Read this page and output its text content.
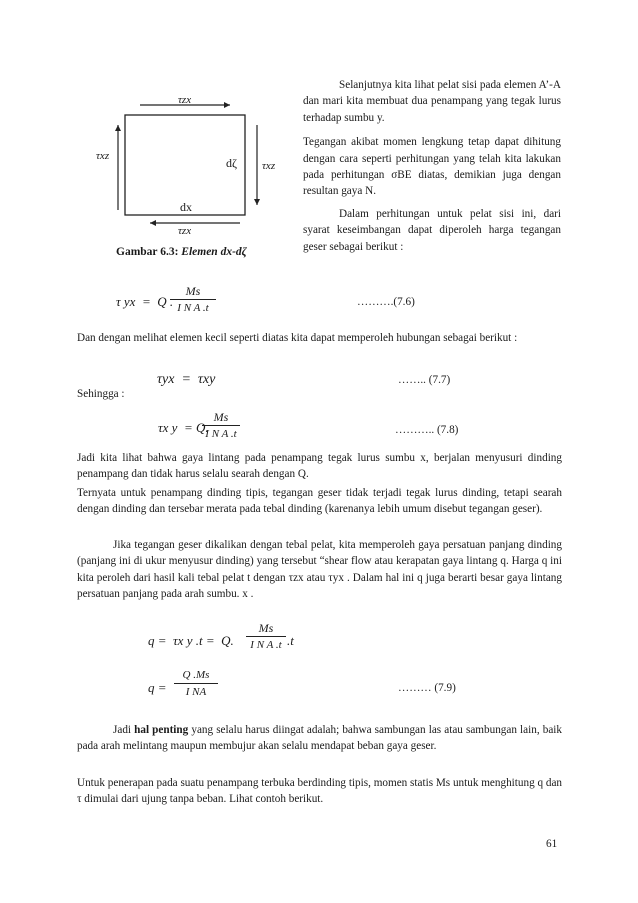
τzx
τxz
τxz
dζ
dx
τzx
Gambar 6.3: Elemen dx-dζ

Selanjutnya kita lihat pelat sisi pada elemen A’-A dan mari kita membuat dua penampang yang tegak lurus terhadap sumbu y.

Tegangan akibat momen lengkung tetap dapat dihitung dengan cara seperti perhitungan yang telah kita lakukan pada perhitungan σBE diatas, demikian juga dengan resultan gaya N.

Dalam perhitungan untuk pelat sisi ini, dari syarat keseimbangan dapat diperoleh harga tegangan geser sebagai berikut :

τ yx  =  Q .
Ms
I N A .t	……….(7.6)

Dan dengan melihat elemen kecil seperti diatas kita dapat memperoleh hubungan sebagai berikut :

τyx  =  τxy	…….. (7.7)
Sehingga :
τx y  = Q.
Ms
I N A .t	……….. (7.8)

Jadi kita lihat bahwa gaya lintang pada penampang tegak lurus sumbu x, berjalan menyusuri dinding penampang dan tidak harus selalu searah dengan Q.

Ternyata untuk penampang dinding tipis, tegangan geser tidak terjadi tegak lurus dinding, tetapi searah dengan dinding dan tersebar merata pada tebal dinding (karenanya lebih umum disebut tegangan geser).

Jika tegangan geser dikalikan dengan tebal pelat, kita memperoleh gaya persatuan panjang dinding (panjang ini di ukur menyusur dinding) yang tersebut “shear flow atau kerapatan gaya lintang q. Harga q ini kita peroleh dari hasil kali tebal pelat t dengan τzx atau τyx . Dalam hal ini q juga berarti besar gaya lintang persatuan panjang pada arah sumbu. x .

q =  τx y .t =  Q.
Ms
I N A .t .t
q =
Q .Ms
I NA	……… (7.9)

Jadi hal penting yang selalu harus diingat adalah; bahwa sambungan las atau sambungan lain, baik pada arah melintang maupun membujur akan selalu mendapat beban gaya geser.

Untuk penerapan pada suatu penampang terbuka berdinding tipis, momen statis Ms untuk menghitung q dan τ dimulai dari ujung tanpa beban. Lihat contoh berikut.

61
